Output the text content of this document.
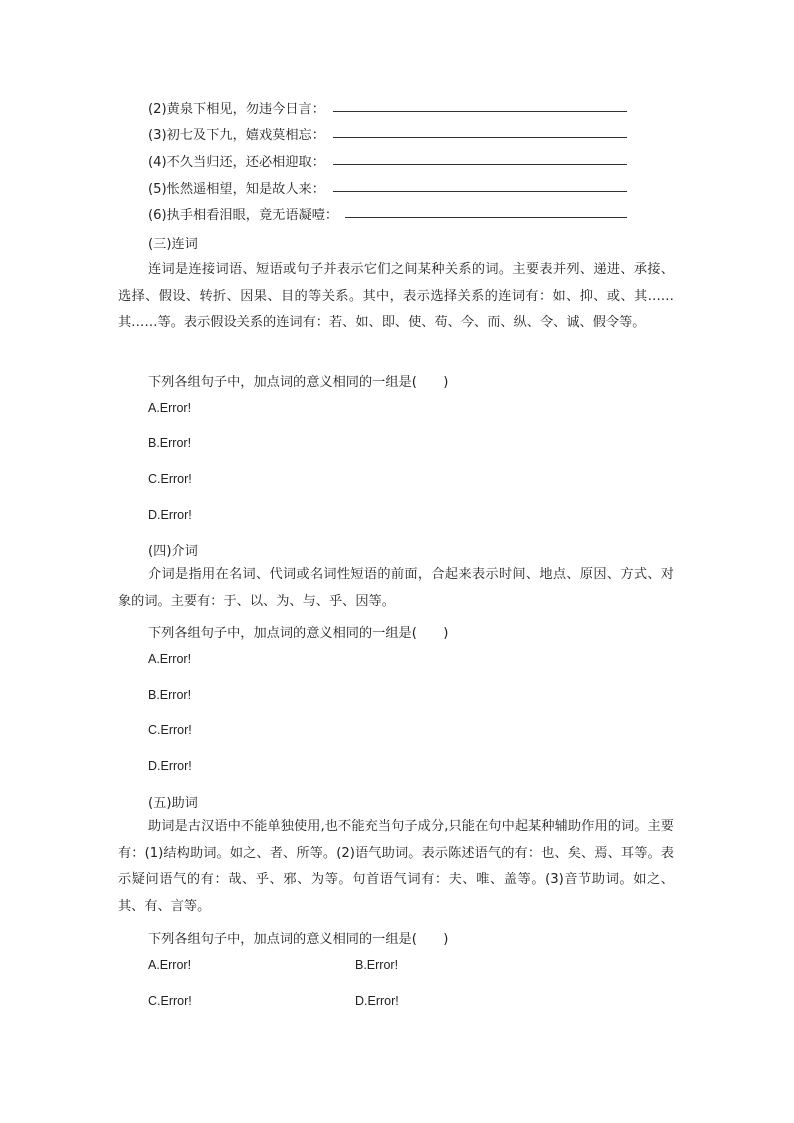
(2)黄泉下相见，勿违今日言：
(3)初七及下九，嬉戏莫相忘：
(4)不久当归还，还必相迎取：
(5)怅然遥相望，知是故人来：
(6)执手相看泪眼，竟无语凝噎：
(三)连词
连词是连接词语、短语或句子并表示它们之间某种关系的词。主要表并列、递进、承接、选择、假设、转折、因果、目的等关系。其中，表示选择关系的连词有：如、抑、或、其……其……等。表示假设关系的连词有：若、如、即、使、苟、今、而、纵、令、诚、假令等。
下列各组句子中，加点词的意义相同的一组是(　　)
A.Error!
B.Error!
C.Error!
D.Error!
(四)介词
介词是指用在名词、代词或名词性短语的前面，合起来表示时间、地点、原因、方式、对象的词。主要有：于、以、为、与、乎、因等。
下列各组句子中，加点词的意义相同的一组是(　　)
A.Error!
B.Error!
C.Error!
D.Error!
(五)助词
助词是古汉语中不能单独使用,也不能充当句子成分,只能在句中起某种辅助作用的词。主要有：(1)结构助词。如之、者、所等。(2)语气助词。表示陈述语气的有：也、矣、焉、耳等。表示疑问语气的有：哉、乎、邪、为等。句首语气词有：夫、唯、盖等。(3)音节助词。如之、其、有、言等。
下列各组句子中，加点词的意义相同的一组是(　　)
A.Error!	B.Error!
C.Error!	D.Error!
